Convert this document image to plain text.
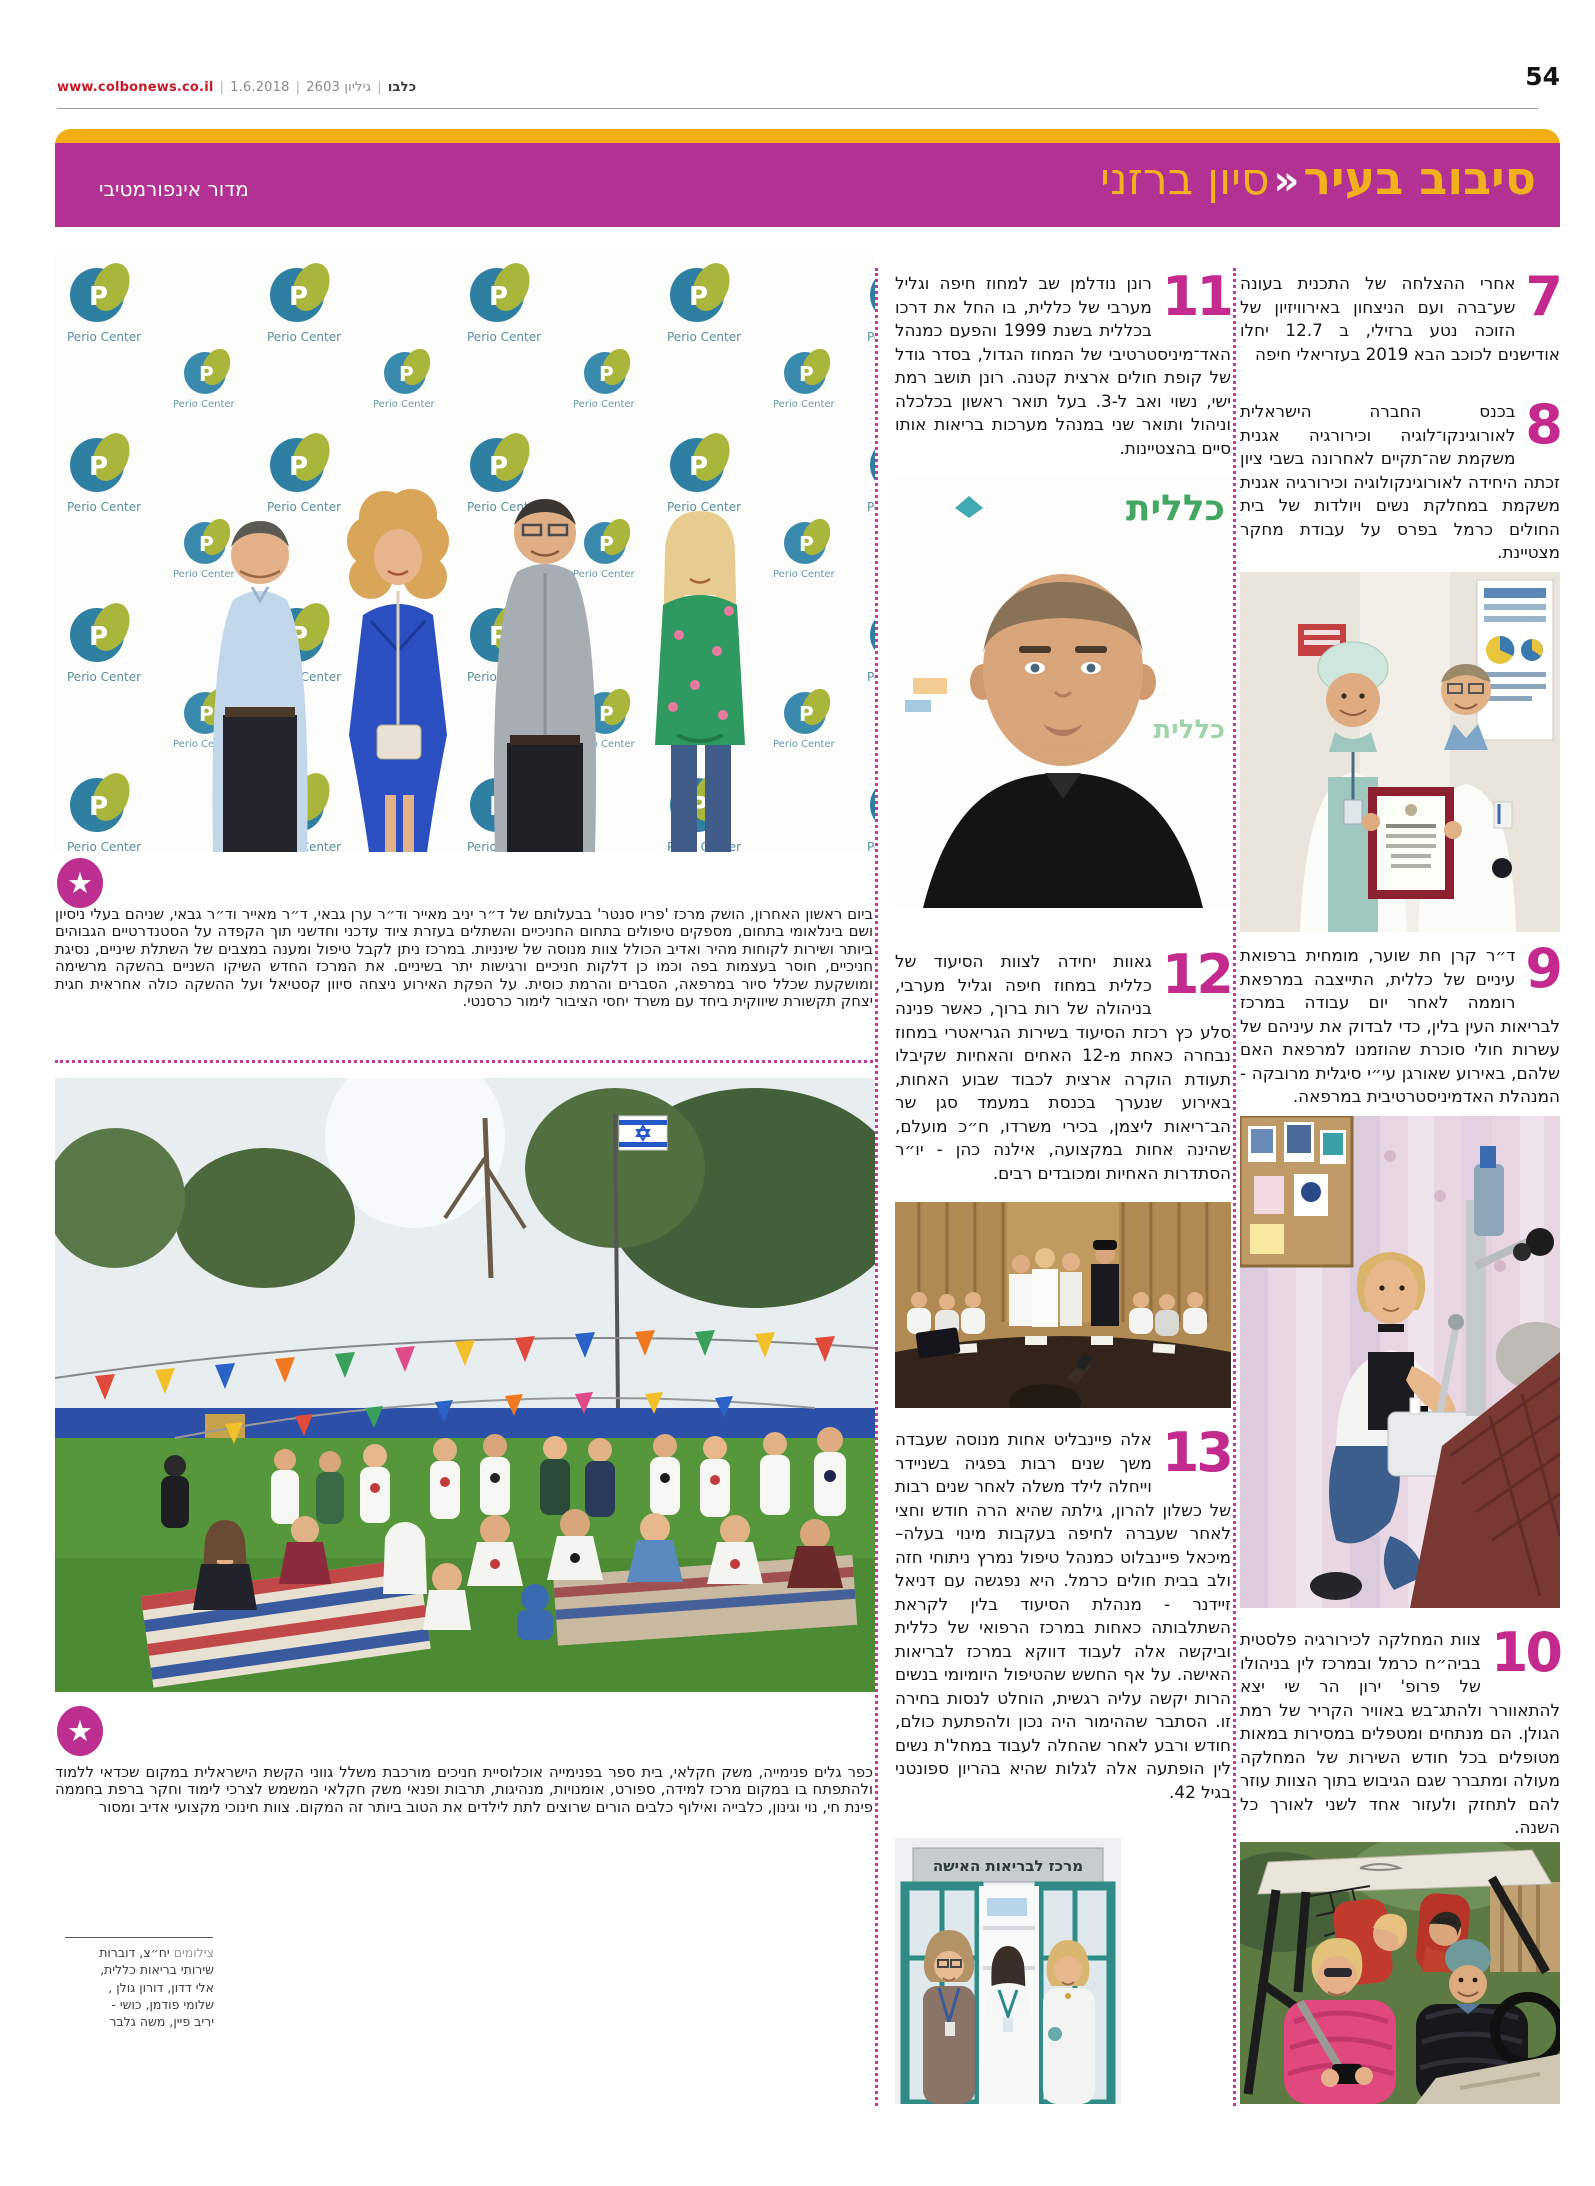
www.colbonews.co.il |	כלבו|גיליון 2603|1.6.2018	54
סיבוב בעיר«סיון ברזני
מדור אינפורמטיבי
7
אחרי ההצלחה של התכנית בעונה שע־ברה ועם הניצחון באירוויזיון של הזוכה נטע ברזילי, ב 12.7 יחלו אודישנים לכוכב הבא 2019 בעזריאלי חיפה
8
בכנס החברה הישראלית לאורוגינקו־לוגיה וכירורגיה אגנית משקמת שה־תקיים לאחרונה בשבי ציון זכתה היחידה לאורוגינקולוגיה וכירורגיה אגנית משקמת במחלקת נשים ויולדות של בית החולים כרמל בפרס על עבודת מחקר מצטיינת.
9
ד״ר קרן חת שוער, מומחית ברפואת עיניים של כללית, התייצבה במרפאת רוממה לאחר יום עבודה במרכז לבריאות העין בלין, כדי לבדוק את עיניהם של עשרות חולי סוכרת שהוזמנו למרפאת האם שלהם, באירוע שאורגן עי״י סיגלית מרובקה - המנהלת האדמיניסטרטיבית במרפאה.
10
צוות המחלקה לכירורגיה פלסטית בביה״ח כרמל ובמרכז לין בניהולו של פרופ' ירון הר שי יצא להתאוורר ולהתג־בש באוויר הקריר של רמת הגולן. הם מנתחים ומטפלים במסירות במאות מטופלים בכל חודש השירות של המחלקה מעולה ומתברר שגם הגיבוש בתוך הצוות עוזר להם לתחזק ולעזור אחד לשני לאורך כל השנה.
11
רונן נודלמן שב למחוז חיפה וגליל מערבי של כללית, בו החל את דרכו בכללית בשנת 1999 והפעם כמנהל האד־מיניסטרטיבי של המחוז הגדול, בסדר גודל של קופת חולים ארצית קטנה. רונן תושב רמת ישי, נשוי ואב ל-3. בעל תואר ראשון בכלכלה וניהול ותואר שני במנהל מערכות בריאות אותו סיים בהצטיינות.
כללית
כללית
12
גאוות יחידה לצוות הסיעוד של כללית במחוז חיפה וגליל מערבי, בניהולה של רות ברוך, כאשר פנינה סלע כץ רכזת הסיעוד בשירות הגריאטרי במחוז נבחרה כאחת מ-12 האחים והאחיות שקיבלו תעודת הוקרה ארצית לכבוד שבוע האחות, באירוע שנערך בכנסת במעמד סגן שר הב־ריאות ליצמן, בכירי משרדו, ח״כ מועלם, שהינה אחות במקצועה, אילנה כהן - יו״ר הסתדרות האחיות ומכובדים רבים.
13
אלה פיינבליט אחות מנוסה שעבדה משך שנים רבות בפגיה בשניידר וייחלה לילד משלה לאחר שנים רבות של כשלון להרון, גילתה שהיא הרה חודש וחצי לאחר שעברה לחיפה בעקבות מינוי בעלה– מיכאל פיינבלוט כמנהל טיפול נמרץ ניתוחי חזה ולב בבית חולים כרמל. היא נפגשה עם דניאל זיידנר - מנהלת הסיעוד בלין לקראת השתלבותה כאחות במרכז הרפואי של כללית וביקשה אלה לעבוד דווקא במרכז לבריאות האישה. על אף החשש שהטיפול היומיומי בנשים הרות יקשה עליה רגשית, הוחלט לנסות בחירה זו. הסתבר שההימור היה נכון ולהפתעת כולם, חודש ורבע לאחר שהחלה לעבוד במחל'ת נשים לין הופתעה אלה לגלות שהיא בהריון ספונטני בגיל 42.
מרכז לבריאות האישה
★
ביום ראשון האחרון, הושק מרכז 'פריו סנטר' בבעלותם של ד״ר יניב מאייר וד״ר ערן גבאי, ד״ר מאייר וד״ר גבאי, שניהם בעלי ניסיון ושם בינלאומי בתחום, מספקים טיפולים בתחום החניכיים והשתלים בעזרת ציוד עדכני וחדשני תוך הקפדה על הסטנדרטיים הגבוהים ביותר ושירות לקוחות מהיר ואדיב הכולל צוות מנוסה של שינניות. במרכז ניתן לקבל טיפול ומענה במצבים של השתלת שיניים, נסיגת חניכיים, חוסר בעצמות בפה וכמו כן דלקות חניכיים ורגישות יתר בשיניים. את המרכז החדש השיקו השניים בהשקה מרשימה ומושקעת שכלל סיור במרפאה, הסברים והרמת כוסית. על הפקת האירוע ניצחה סיוון קסטיאל ועל ההשקה כולה אחראית חגית יצחק תקשורת שיווקית ביחד עם משרד יחסי הציבור לימור כרסנטי.
★
כפר גלים פנימייה, משק חקלאי, בית ספר בפנימייה אוכלוסיית חניכים מורכבת משלל גווני הקשת הישראלית במקום שכדאי ללמוד ולהתפתח בו במקום מרכז למידה, ספורט, אומנויות, מנהיגות, תרבות ופנאי משק חקלאי המשמש לצרכי לימוד וחקר ברפת בחממה פינת חי, נוי וגינון, כלבייה ואילוף כלבים הורים שרוצים לתת לילדים את הטוב ביותר זה המקום. צוות חינוכי מקצועי אדיב ומסור
צילומים יח״צ, דוברות
שירותי בריאות כללית,
אלי דדון, דורון גולן ,
שלומי פודמן, כושי -
יריב פיין, משה גלבר
